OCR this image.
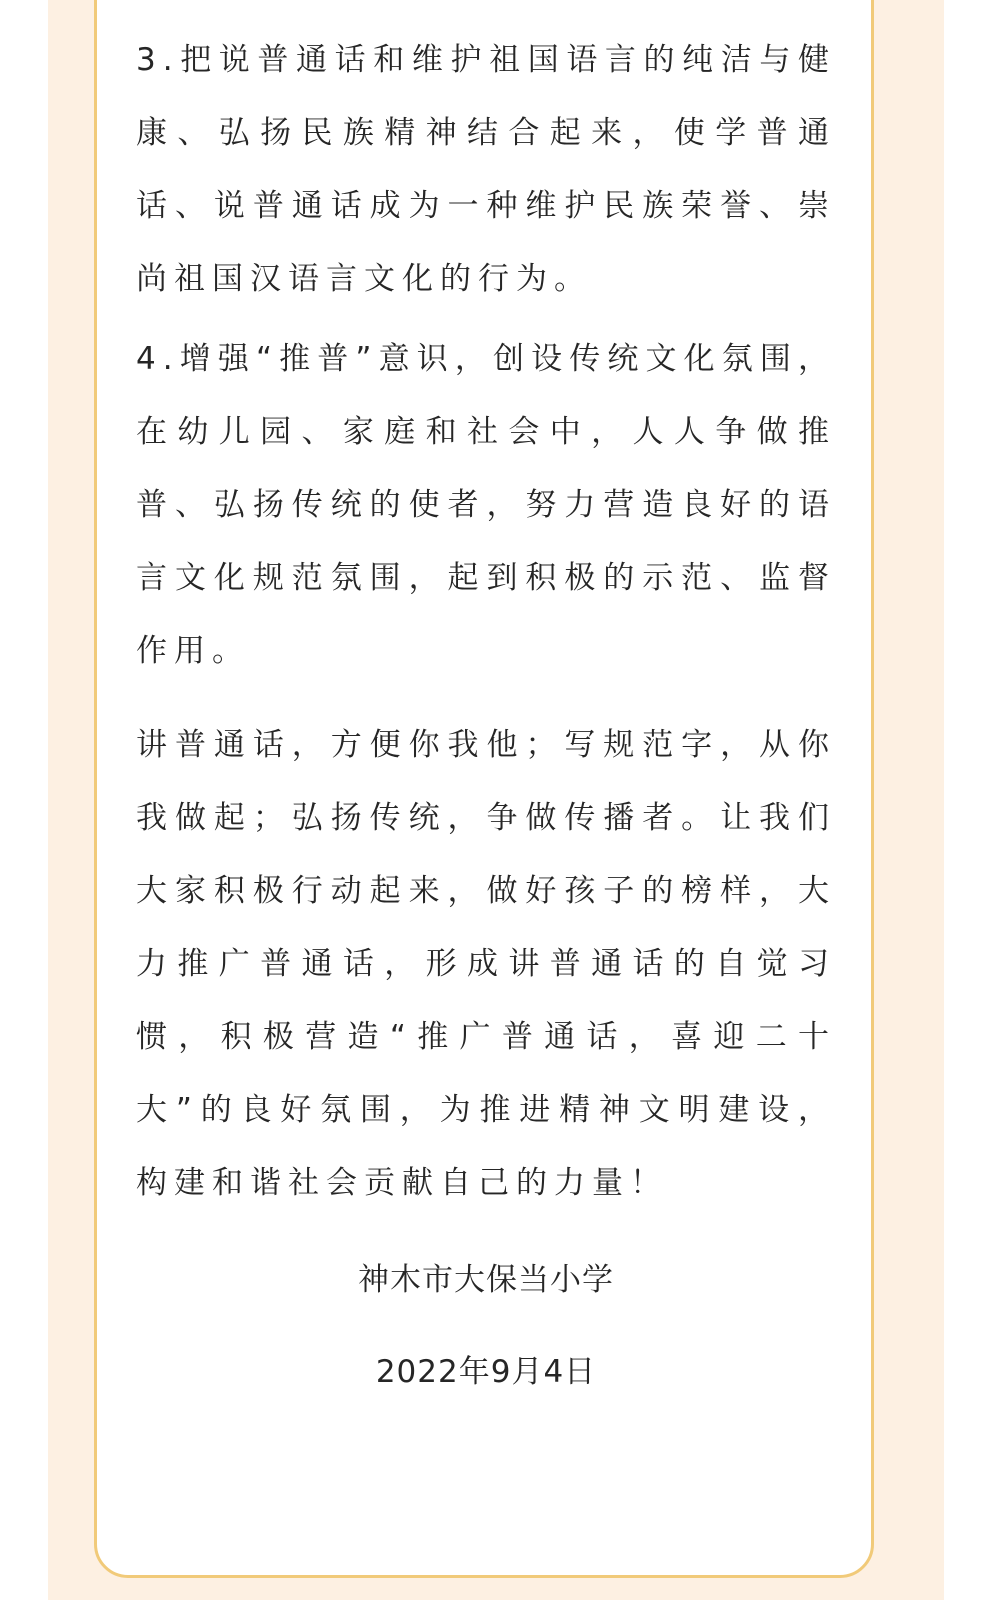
3.把说普通话和维护祖国语言的纯洁与健康、弘扬民族精神结合起来，使学普通话、说普通话成为一种维护民族荣誉、崇尚祖国汉语言文化的行为。

4.增强“推普”意识，创设传统文化氛围，在幼儿园、家庭和社会中，人人争做推普、弘扬传统的使者，努力营造良好的语言文化规范氛围，起到积极的示范、监督作用。

讲普通话，方便你我他；写规范字，从你我做起；弘扬传统，争做传播者。让我们大家积极行动起来，做好孩子的榜样，大力推广普通话，形成讲普通话的自觉习惯，积极营造“推广普通话，喜迎二十大”的良好氛围，为推进精神文明建设，构建和谐社会贡献自己的力量！

神木市大保当小学

2022年9月4日
